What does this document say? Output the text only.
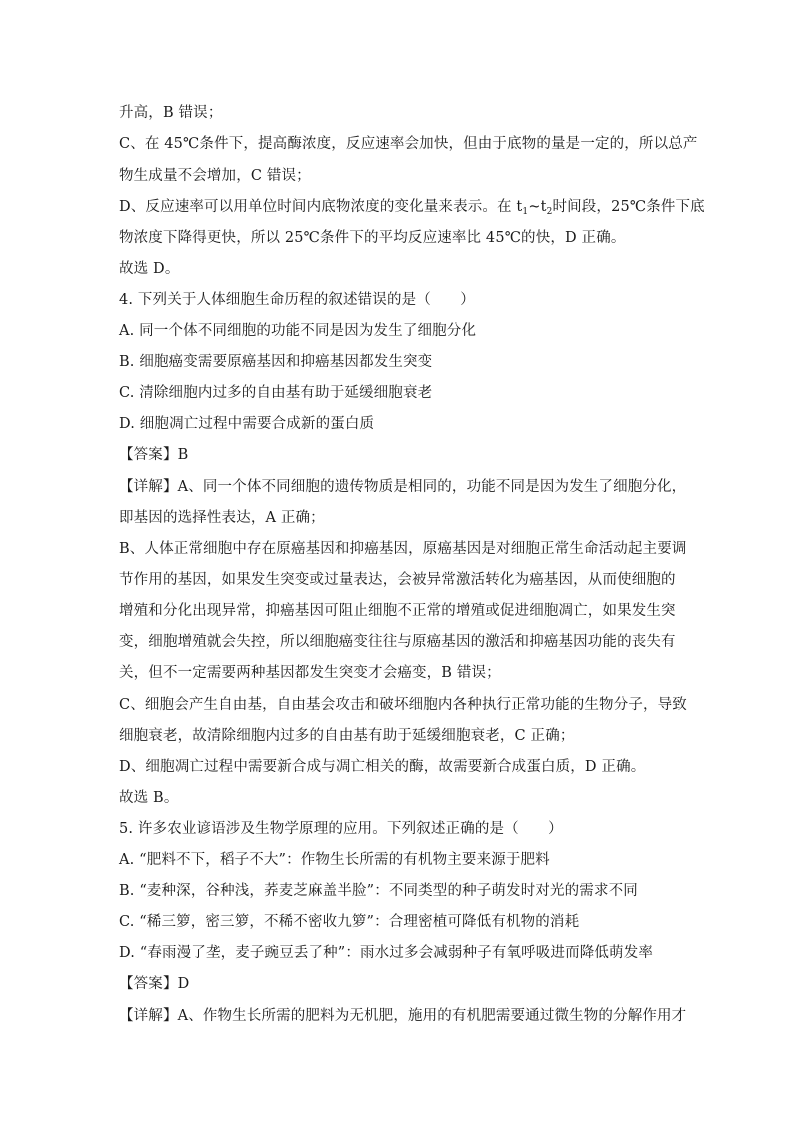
升高，B 错误；
C、在 45℃条件下，提高酶浓度，反应速率会加快，但由于底物的量是一定的，所以总产
物生成量不会增加，C 错误；
D、反应速率可以用单位时间内底物浓度的变化量来表示。在 $t_1\sim t_2$时间段，25℃条件下底
物浓度下降得更快，所以 25℃条件下的平均反应速率比 45℃的快，D 正确。
故选 D。
4. 下列关于人体细胞生命历程的叙述错误的是（　　）
A. 同一个体不同细胞的功能不同是因为发生了细胞分化
B. 细胞癌变需要原癌基因和抑癌基因都发生突变
C. 清除细胞内过多的自由基有助于延缓细胞衰老
D. 细胞凋亡过程中需要合成新的蛋白质
【答案】B
【详解】A、同一个体不同细胞的遗传物质是相同的，功能不同是因为发生了细胞分化，
即基因的选择性表达，A 正确；
B、人体正常细胞中存在原癌基因和抑癌基因，原癌基因是对细胞正常生命活动起主要调
节作用的基因，如果发生突变或过量表达，会被异常激活转化为癌基因，从而使细胞的
增殖和分化出现异常，抑癌基因可阻止细胞不正常的增殖或促进细胞凋亡，如果发生突
变，细胞增殖就会失控，所以细胞癌变往往与原癌基因的激活和抑癌基因功能的丧失有
关，但不一定需要两种基因都发生突变才会癌变，B 错误；
C、细胞会产生自由基，自由基会攻击和破坏细胞内各种执行正常功能的生物分子，导致
细胞衰老，故清除细胞内过多的自由基有助于延缓细胞衰老，C 正确；
D、细胞凋亡过程中需要新合成与凋亡相关的酶，故需要新合成蛋白质，D 正确。
故选 B。
5. 许多农业谚语涉及生物学原理的应用。下列叙述正确的是（　　）
A. “肥料不下，稻子不大”：作物生长所需的有机物主要来源于肥料
B. “麦种深，谷种浅，荞麦芝麻盖半脸”：不同类型的种子萌发时对光的需求不同
C. “稀三箩，密三箩，不稀不密收九箩”：合理密植可降低有机物的消耗
D. “春雨漫了垄，麦子豌豆丢了种”：雨水过多会减弱种子有氧呼吸进而降低萌发率
【答案】D
【详解】A、作物生长所需的肥料为无机肥，施用的有机肥需要通过微生物的分解作用才
